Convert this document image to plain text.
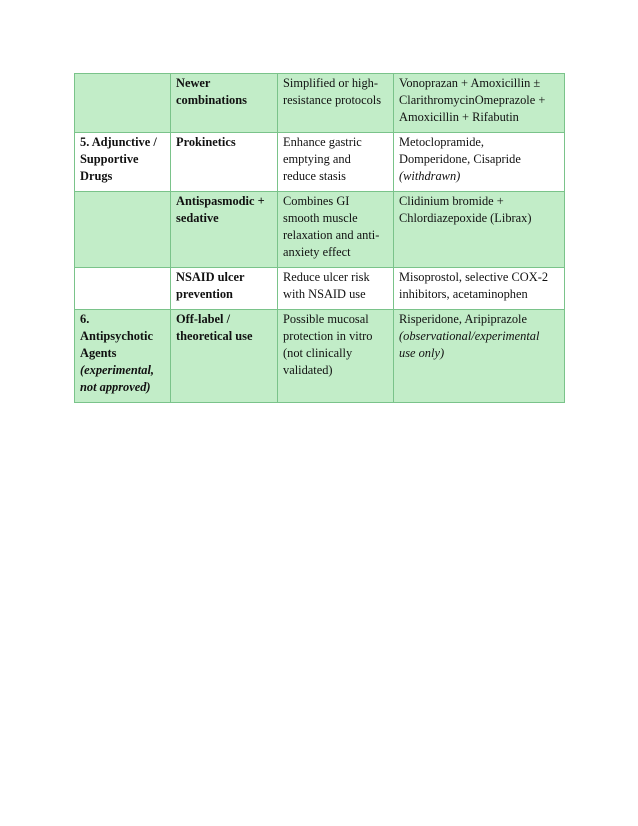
	Newer
combinations	Simplified or high-
resistance protocols	Vonoprazan + Amoxicillin ±
ClarithromycinOmeprazole +
Amoxicillin + Rifabutin

5. Adjunctive /
Supportive
Drugs	Prokinetics	Enhance gastric
emptying and
reduce stasis	Metoclopramide,
Domperidone, Cisapride
(withdrawn)

	Antispasmodic +
sedative	Combines GI
smooth muscle
relaxation and anti-
anxiety effect	Clidinium bromide +
Chlordiazepoxide (Librax)

	NSAID ulcer
prevention	Reduce ulcer risk
with NSAID use	Misoprostol, selective COX-2
inhibitors, acetaminophen

6.
Antipsychotic
Agents
(experimental,
not approved)	Off-label /
theoretical use	Possible mucosal
protection in vitro
(not clinically
validated)	Risperidone, Aripiprazole
(observational/experimental
use only)
